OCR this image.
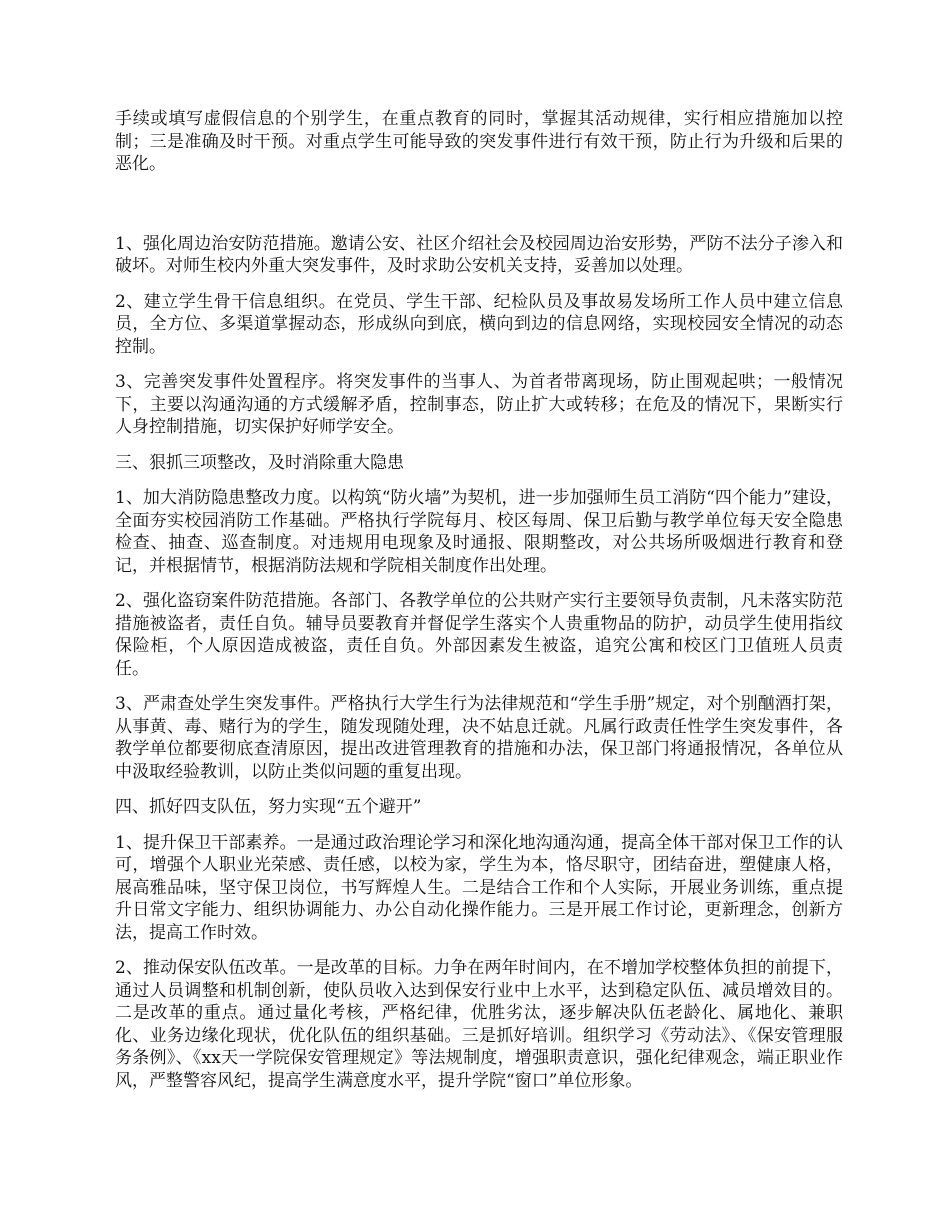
手续或填写虚假信息的个别学生，在重点教育的同时，掌握其活动规律，实行相应措施加以控制；三是准确及时干预。对重点学生可能导致的突发事件进行有效干预，防止行为升级和后果的恶化。

1、强化周边治安防范措施。邀请公安、社区介绍社会及校园周边治安形势，严防不法分子渗入和破坏。对师生校内外重大突发事件，及时求助公安机关支持，妥善加以处理。

2、建立学生骨干信息组织。在党员、学生干部、纪检队员及事故易发场所工作人员中建立信息员，全方位、多渠道掌握动态，形成纵向到底，横向到边的信息网络，实现校园安全情况的动态控制。

3、完善突发事件处置程序。将突发事件的当事人、为首者带离现场，防止围观起哄；一般情况下，主要以沟通沟通的方式缓解矛盾，控制事态，防止扩大或转移；在危及的情况下，果断实行人身控制措施，切实保护好师学安全。

三、狠抓三项整改，及时消除重大隐患

1、加大消防隐患整改力度。以构筑“防火墙”为契机，进一步加强师生员工消防“四个能力”建设，全面夯实校园消防工作基础。严格执行学院每月、校区每周、保卫后勤与教学单位每天安全隐患检查、抽查、巡查制度。对违规用电现象及时通报、限期整改，对公共场所吸烟进行教育和登记，并根据情节，根据消防法规和学院相关制度作出处理。

2、强化盗窃案件防范措施。各部门、各教学单位的公共财产实行主要领导负责制，凡未落实防范措施被盗者，责任自负。辅导员要教育并督促学生落实个人贵重物品的防护，动员学生使用指纹保险柜，个人原因造成被盗，责任自负。外部因素发生被盗，追究公寓和校区门卫值班人员责任。

3、严肃查处学生突发事件。严格执行大学生行为法律规范和“学生手册”规定，对个别酗酒打架，从事黄、毒、赌行为的学生，随发现随处理，决不姑息迁就。凡属行政责任性学生突发事件，各教学单位都要彻底查清原因，提出改进管理教育的措施和办法，保卫部门将通报情况，各单位从中汲取经验教训，以防止类似问题的重复出现。

四、抓好四支队伍，努力实现“五个避开”

1、提升保卫干部素养。一是通过政治理论学习和深化地沟通沟通，提高全体干部对保卫工作的认可，增强个人职业光荣感、责任感，以校为家，学生为本，恪尽职守，团结奋进，塑健康人格，展高雅品味，坚守保卫岗位，书写辉煌人生。二是结合工作和个人实际，开展业务训练，重点提升日常文字能力、组织协调能力、办公自动化操作能力。三是开展工作讨论，更新理念，创新方法，提高工作时效。

2、推动保安队伍改革。一是改革的目标。力争在两年时间内，在不增加学校整体负担的前提下，通过人员调整和机制创新，使队员收入达到保安行业中上水平，达到稳定队伍、减员增效目的。二是改革的重点。通过量化考核，严格纪律，优胜劣汰，逐步解决队伍老龄化、属地化、兼职化、业务边缘化现状，优化队伍的组织基础。三是抓好培训。组织学习《劳动法》、《保安管理服务条例》、《xx天一学院保安管理规定》等法规制度，增强职责意识，强化纪律观念，端正职业作风，严整警容风纪，提高学生满意度水平，提升学院“窗口”单位形象。
